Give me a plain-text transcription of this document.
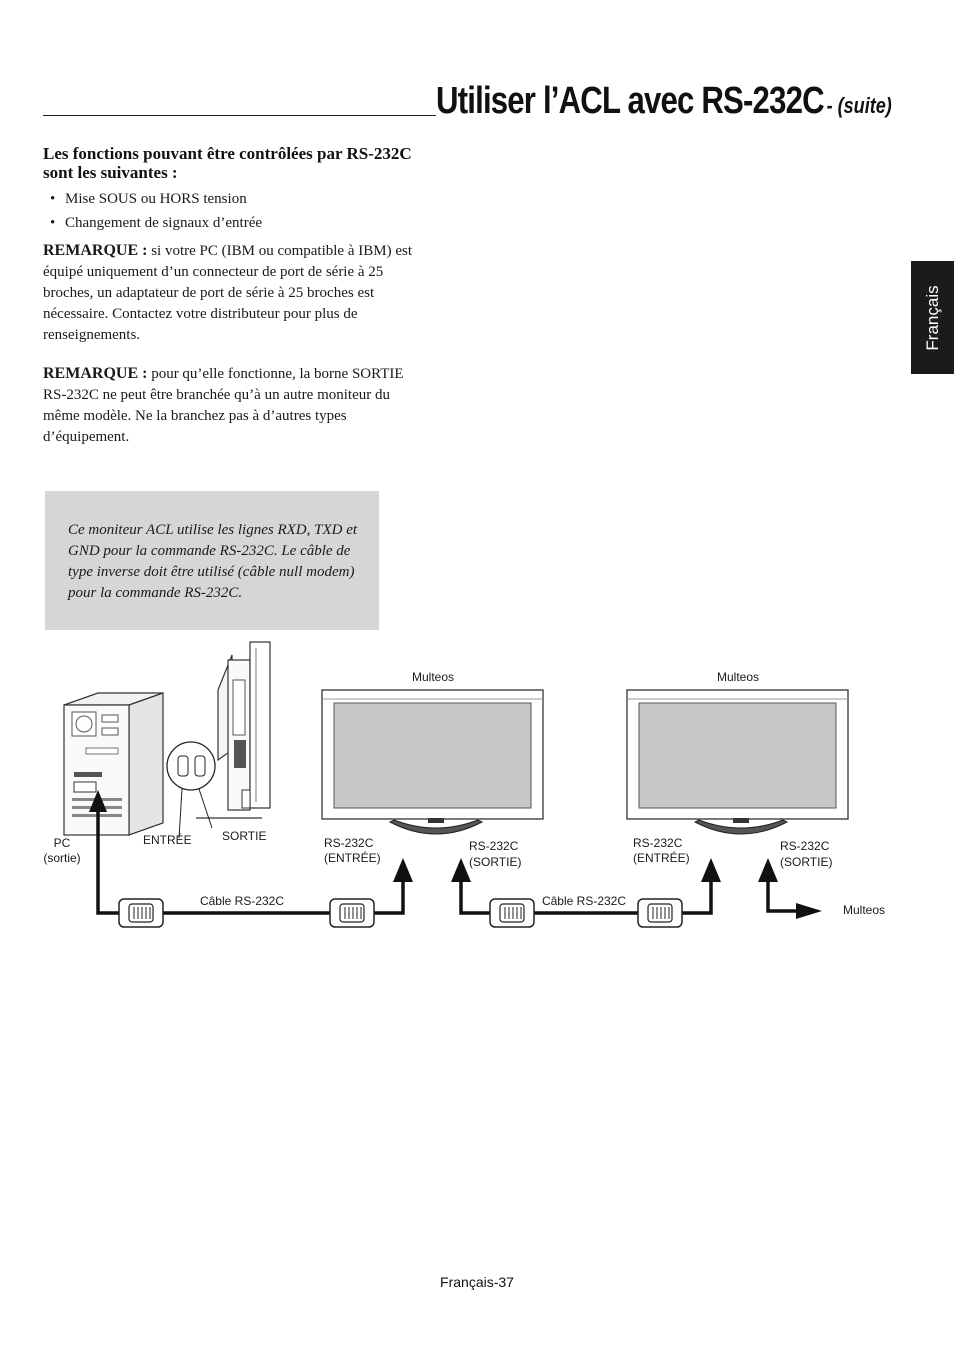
Utiliser l’ACL avec RS-232C - (suite)
Français
Les fonctions pouvant être contrôlées par RS-232C sont les suivantes :
• Mise SOUS ou HORS tension
• Changement de signaux d’entrée

REMARQUE : si votre PC (IBM ou compatible à IBM) est équipé uniquement d’un connecteur de port de série à 25 broches, un adaptateur de port de série à 25 broches est nécessaire. Contactez votre distributeur pour plus de renseignements.

REMARQUE : pour qu’elle fonctionne, la borne SORTIE RS-232C ne peut être branchée qu’à un autre moniteur du même modèle. Ne la branchez pas à d’autres types d’équipement.

Ce moniteur ACL utilise les lignes RXD, TXD et GND pour la commande RS-232C. Le câble de type inverse doit être utilisé (câble null modem) pour la commande RS-232C.

Multeos	Multeos
PC
(sortie)
ENTRÉE	SORTIE	RS-232C
(ENTRÉE)
RS-232C
(SORTIE)
RS-232C
(ENTRÉE)
RS-232C
(SORTIE)
Câble RS-232C	Câble RS-232C
Multeos
Français-37
